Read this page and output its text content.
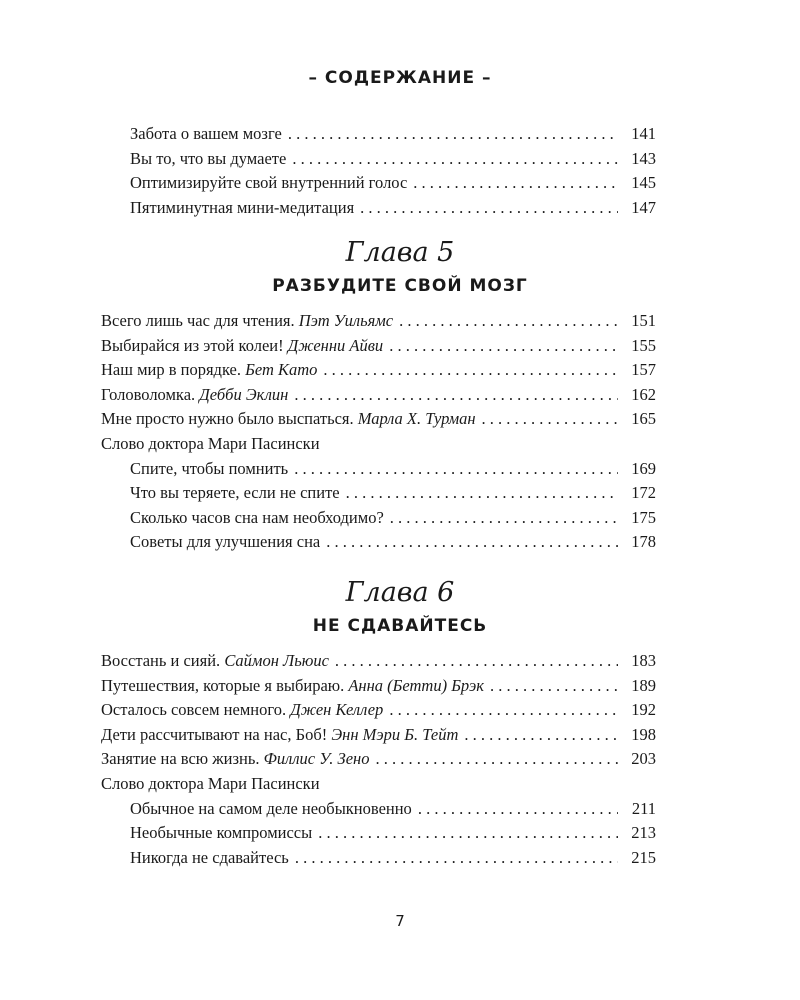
– СОДЕРЖАНИЕ –
Забота о вашем мозге . . .	141
Вы то, что вы думаете . . .	143
Оптимизируйте свой внутренний голос . . .	145
Пятиминутная мини-медитация . . .	147
Глава 5
РАЗБУДИТЕ СВОЙ МОЗГ
Всего лишь час для чтения. Пэт Уильямс . . .	151
Выбирайся из этой колеи! Дженни Айви . . .	155
Наш мир в порядке. Бет Като . . .	157
Головоломка. Дебби Эклин . . .	162
Мне просто нужно было выспаться. Марла Х. Турман . . .	165
Слово доктора Мари Пасински
Спите, чтобы помнить . . .	169
Что вы теряете, если не спите . . .	172
Сколько часов сна нам необходимо? . . .	175
Советы для улучшения сна . . .	178
Глава 6
НЕ СДАВАЙТЕСЬ
Восстань и сияй. Саймон Льюис . . .	183
Путешествия, которые я выбираю. Анна (Бетти) Брэк . . .	189
Осталось совсем немного. Джен Келлер . . .	192
Дети рассчитывают на нас, Боб! Энн Мэри Б. Тейт . . .	198
Занятие на всю жизнь. Филлис У. Зено . . .	203
Слово доктора Мари Пасински
Обычное на самом деле необыкновенно . . .	211
Необычные компромиссы . . .	213
Никогда не сдавайтесь . . .	215
7
